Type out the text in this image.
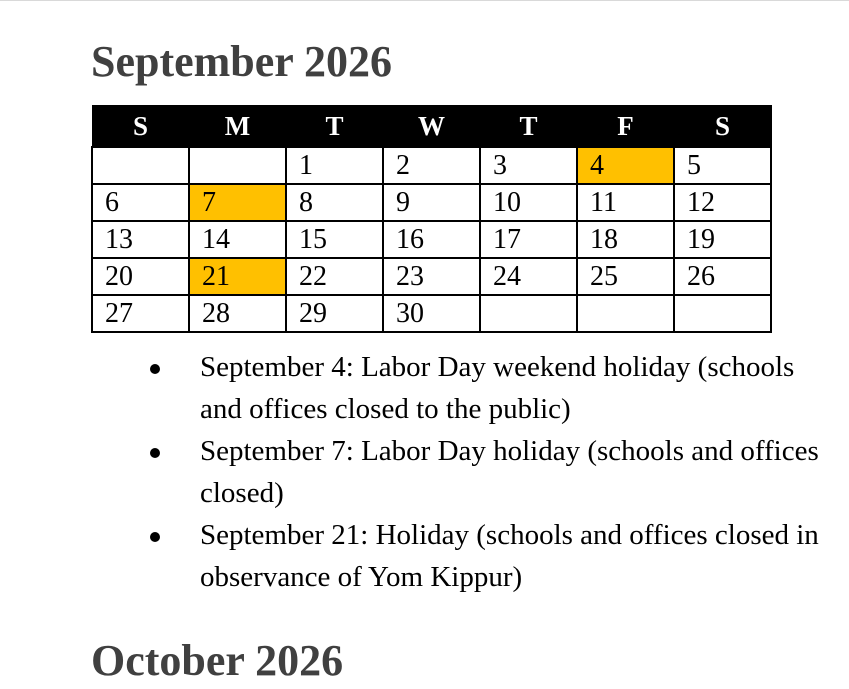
September 2026
S	M	T	W	T	F	S
		1	2	3	4	5
6	7	8	9	10	11	12
13	14	15	16	17	18	19
20	21	22	23	24	25	26
27	28	29	30			
September 4: Labor Day weekend holiday (schools and offices closed to the public)
September 7: Labor Day holiday (schools and offices closed)
September 21: Holiday (schools and offices closed in observance of Yom Kippur)
October 2026
